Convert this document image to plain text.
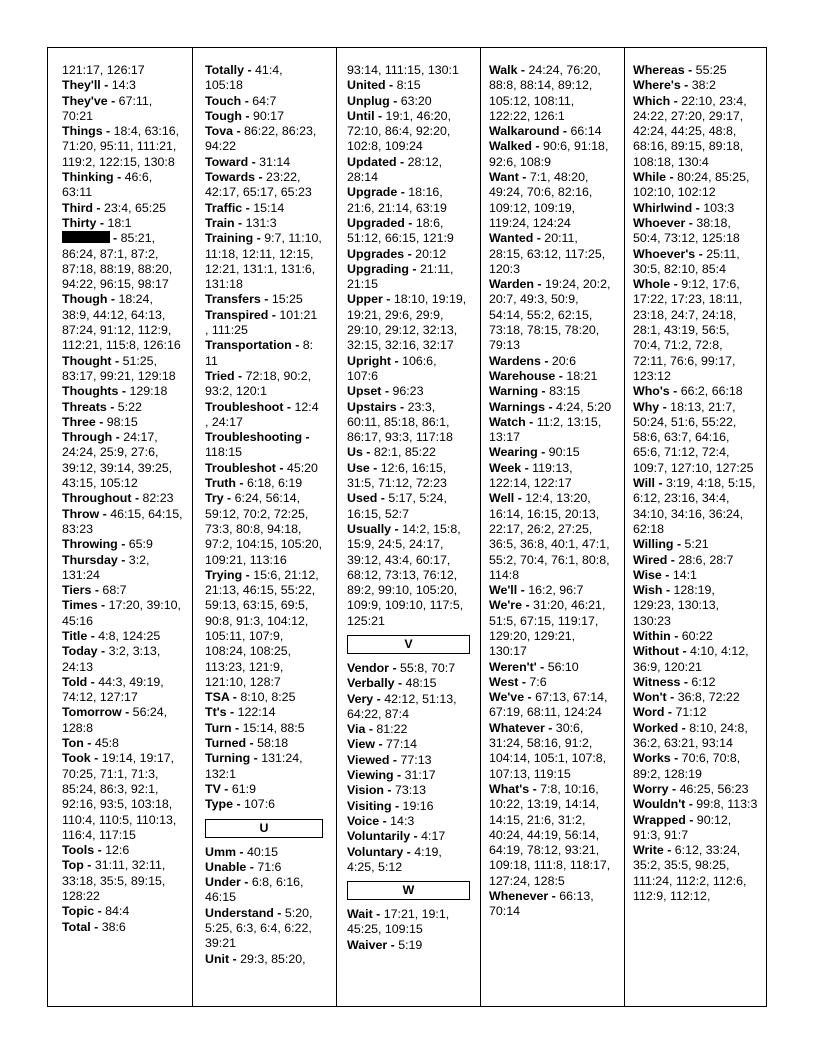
121:17, 126:17
They'll - 14:3
They've - 67:11, 70:21
Things - 18:4, 63:16, 71:20, 95:11, 111:21, 119:2, 122:15, 130:8
Thinking - 46:6, 63:11
Third - 23:4, 65:25
Thirty - 18:1
- 85:21, 86:24, 87:1, 87:2, 87:18, 88:19, 88:20, 94:22, 96:15, 98:17
Though - 18:24, 38:9, 44:12, 64:13, 87:24, 91:12, 112:9, 112:21, 115:8, 126:16
Thought - 51:25, 83:17, 99:21, 129:18
Thoughts - 129:18
Threats - 5:22
Three - 98:15
Through - 24:17, 24:24, 25:9, 27:6, 39:12, 39:14, 39:25, 43:15, 105:12
Throughout - 82:23
Throw - 46:15, 64:15, 83:23
Throwing - 65:9
Thursday - 3:2, 131:24
Tiers - 68:7
Times - 17:20, 39:10, 45:16
Title - 4:8, 124:25
Today - 3:2, 3:13, 24:13
Told - 44:3, 49:19, 74:12, 127:17
Tomorrow - 56:24, 128:8
Ton - 45:8
Took - 19:14, 19:17, 70:25, 71:1, 71:3, 85:24, 86:3, 92:1, 92:16, 93:5, 103:18, 110:4, 110:5, 110:13, 116:4, 117:15
Tools - 12:6
Top - 31:11, 32:11, 33:18, 35:5, 89:15, 128:22
Topic - 84:4
Total - 38:6
Totally - 41:4, 105:18
Touch - 64:7
Tough - 90:17
Tova - 86:22, 86:23, 94:22
Toward - 31:14
Towards - 23:22, 42:17, 65:17, 65:23
Traffic - 15:14
Train - 131:3
Training - 9:7, 11:10, 11:18, 12:11, 12:15, 12:21, 131:1, 131:6, 131:18
Transfers - 15:25
Transpired - 101:21 , 111:25
Transportation - 8: 11
Tried - 72:18, 90:2, 93:2, 120:1
Troubleshoot - 12:4 , 24:17
Troubleshooting - 118:15
Troubleshot - 45:20
Truth - 6:18, 6:19
Try - 6:24, 56:14, 59:12, 70:2, 72:25, 73:3, 80:8, 94:18, 97:2, 104:15, 105:20, 109:21, 113:16
Trying - 15:6, 21:12, 21:13, 46:15, 55:22, 59:13, 63:15, 69:5, 90:8, 91:3, 104:12, 105:11, 107:9, 108:24, 108:25, 113:23, 121:9, 121:10, 128:7
TSA - 8:10, 8:25
Tt's - 122:14
Turn - 15:14, 88:5
Turned - 58:18
Turning - 131:24, 132:1
TV - 61:9
Type - 107:6
U
Umm - 40:15
Unable - 71:6
Under - 6:8, 6:16, 46:15
Understand - 5:20, 5:25, 6:3, 6:4, 6:22, 39:21
Unit - 29:3, 85:20,
93:14, 111:15, 130:1
United - 8:15
Unplug - 63:20
Until - 19:1, 46:20, 72:10, 86:4, 92:20, 102:8, 109:24
Updated - 28:12, 28:14
Upgrade - 18:16, 21:6, 21:14, 63:19
Upgraded - 18:6, 51:12, 66:15, 121:9
Upgrades - 20:12
Upgrading - 21:11, 21:15
Upper - 18:10, 19:19, 19:21, 29:6, 29:9, 29:10, 29:12, 32:13, 32:15, 32:16, 32:17
Upright - 106:6, 107:6
Upset - 96:23
Upstairs - 23:3, 60:11, 85:18, 86:1, 86:17, 93:3, 117:18
Us - 82:1, 85:22
Use - 12:6, 16:15, 31:5, 71:12, 72:23
Used - 5:17, 5:24, 16:15, 52:7
Usually - 14:2, 15:8, 15:9, 24:5, 24:17, 39:12, 43:4, 60:17, 68:12, 73:13, 76:12, 89:2, 99:10, 105:20, 109:9, 109:10, 117:5, 125:21
V
Vendor - 55:8, 70:7
Verbally - 48:15
Very - 42:12, 51:13, 64:22, 87:4
Via - 81:22
View - 77:14
Viewed - 77:13
Viewing - 31:17
Vision - 73:13
Visiting - 19:16
Voice - 14:3
Voluntarily - 4:17
Voluntary - 4:19, 4:25, 5:12
W
Wait - 17:21, 19:1, 45:25, 109:15
Waiver - 5:19
Walk - 24:24, 76:20, 88:8, 88:14, 89:12, 105:12, 108:11, 122:22, 126:1
Walkaround - 66:14
Walked - 90:6, 91:18, 92:6, 108:9
Want - 7:1, 48:20, 49:24, 70:6, 82:16, 109:12, 109:19, 119:24, 124:24
Wanted - 20:11, 28:15, 63:12, 117:25, 120:3
Warden - 19:24, 20:2, 20:7, 49:3, 50:9, 54:14, 55:2, 62:15, 73:18, 78:15, 78:20, 79:13
Wardens - 20:6
Warehouse - 18:21
Warning - 83:15
Warnings - 4:24, 5:20
Watch - 11:2, 13:15, 13:17
Wearing - 90:15
Week - 119:13, 122:14, 122:17
Well - 12:4, 13:20, 16:14, 16:15, 20:13, 22:17, 26:2, 27:25, 36:5, 36:8, 40:1, 47:1, 55:2, 70:4, 76:1, 80:8, 114:8
We'll - 16:2, 96:7
We're - 31:20, 46:21, 51:5, 67:15, 119:17, 129:20, 129:21, 130:17
Weren't' - 56:10
West - 7:6
We've - 67:13, 67:14, 67:19, 68:11, 124:24
Whatever - 30:6, 31:24, 58:16, 91:2, 104:14, 105:1, 107:8, 107:13, 119:15
What's - 7:8, 10:16, 10:22, 13:19, 14:14, 14:15, 21:6, 31:2, 40:24, 44:19, 56:14, 64:19, 78:12, 93:21, 109:18, 111:8, 118:17, 127:24, 128:5
Whenever - 66:13, 70:14
Whereas - 55:25
Where's - 38:2
Which - 22:10, 23:4, 24:22, 27:20, 29:17, 42:24, 44:25, 48:8, 68:16, 89:15, 89:18, 108:18, 130:4
While - 80:24, 85:25, 102:10, 102:12
Whirlwind - 103:3
Whoever - 38:18, 50:4, 73:12, 125:18
Whoever's - 25:11, 30:5, 82:10, 85:4
Whole - 9:12, 17:6, 17:22, 17:23, 18:11, 23:18, 24:7, 24:18, 28:1, 43:19, 56:5, 70:4, 71:2, 72:8, 72:11, 76:6, 99:17, 123:12
Who's - 66:2, 66:18
Why - 18:13, 21:7, 50:24, 51:6, 55:22, 58:6, 63:7, 64:16, 65:6, 71:12, 72:4, 109:7, 127:10, 127:25
Will - 3:19, 4:18, 5:15, 6:12, 23:16, 34:4, 34:10, 34:16, 36:24, 62:18
Willing - 5:21
Wired - 28:6, 28:7
Wise - 14:1
Wish - 128:19, 129:23, 130:13, 130:23
Within - 60:22
Without - 4:10, 4:12, 36:9, 120:21
Witness - 6:12
Won't - 36:8, 72:22
Word - 71:12
Worked - 8:10, 24:8, 36:2, 63:21, 93:14
Works - 70:6, 70:8, 89:2, 128:19
Worry - 46:25, 56:23
Wouldn't - 99:8, 113:3
Wrapped - 90:12, 91:3, 91:7
Write - 6:12, 33:24, 35:2, 35:5, 98:25, 111:24, 112:2, 112:6, 112:9, 112:12,
